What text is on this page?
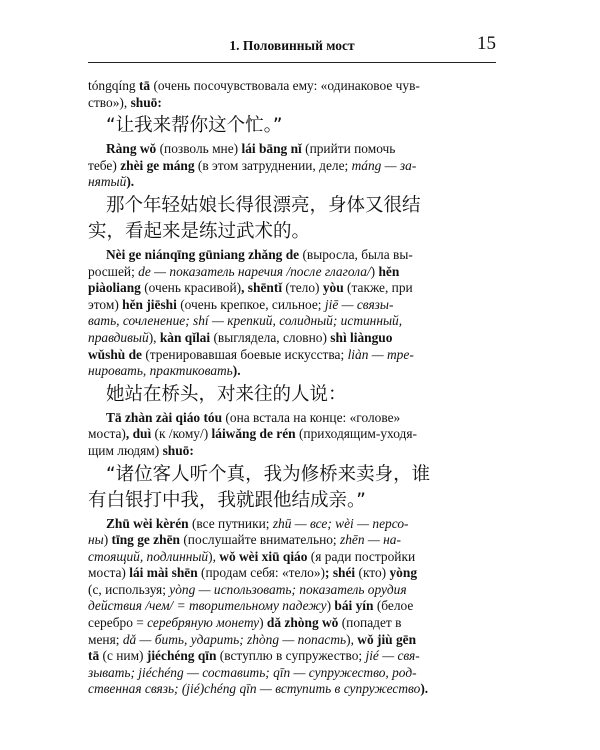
1. Половинный мост	15

tóngqíng tā (очень посочувствовала ему: «одинаковое чув-
ство»), shuō:

“让我来帮你这个忙。”

Ràng wǒ (позволь мне) lái bāng nǐ (прийти помочь
тебе) zhèi ge máng (в этом затруднении, деле; máng — за-
нятый).

那个年轻姑娘长得很漂亮，身体又很结
实，看起来是练过武术的。

Nèi ge niánqīng gūniang zhǎng de (выросла, была вы-
росшей; de — показатель наречия /после глагола/) hěn
piàoliang (очень красивой), shēntǐ (тело) yòu (также, при
этом) hěn jiēshi (очень крепкое, сильное; jiē — связы-
вать, сочленение; shí — крепкий, солидный; истинный,
правдивый), kàn qǐlai (выглядела, словно) shì liànguo
wǔshù de (тренировавшая боевые искусства; liàn — тре-
нировать, практиковать).

她站在桥头，对来往的人说：

Tā zhàn zài qiáo tóu (она встала на конце: «голове»
моста), duì (к /кому/) láiwǎng de rén (приходящим-уходя-
щим людям) shuō:

“诸位客人听个真，我为修桥来卖身，谁
有白银打中我，我就跟他结成亲。”

Zhū wèi kèrén (все путники; zhū — все; wèi — персо-
ны) tīng ge zhēn (послушайте внимательно; zhēn — на-
стоящий, подлинный), wǒ wèi xiū qiáo (я ради постройки
моста) lái mài shēn (продам себя: «тело»); shéi (кто) yòng
(с, используя; yòng — использовать; показатель орудия
действия /чем/ = творительному падежу) bái yín (белое
серебро = серебряную монету) dǎ zhòng wǒ (попадет в
меня; dǎ — бить, ударить; zhòng — попасть), wǒ jiù gēn
tā (с ним) jiéchéng qīn (вступлю в супружество; jié — свя-
зывать; jiéchéng — составить; qīn — супружество, род-
ственная связь; (jié)chéng qīn — вступить в супружество).
